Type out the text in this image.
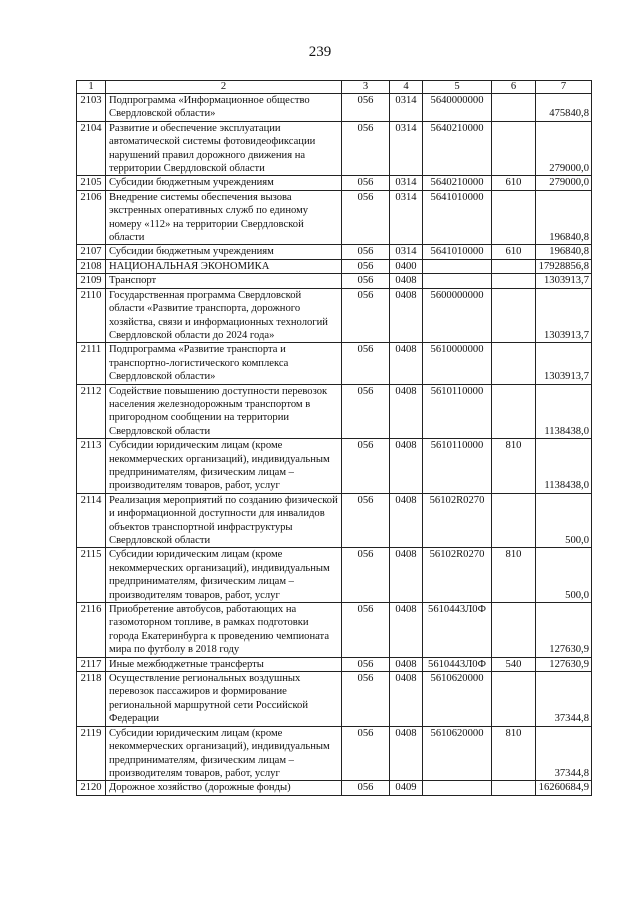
239
1	2	3	4	5	6	7
2103	Подпрограмма «Информационное общество Свердловской области»	056	0314	5640000000		475840,8
2104	Развитие и обеспечение эксплуатации автоматической системы фотовидеофиксации нарушений правил дорожного движения на территории Свердловской области	056	0314	5640210000		279000,0
2105	Субсидии бюджетным учреждениям	056	0314	5640210000	610	279000,0
2106	Внедрение системы обеспечения вызова экстренных оперативных служб по единому номеру «112» на территории Свердловской области	056	0314	5641010000		196840,8
2107	Субсидии бюджетным учреждениям	056	0314	5641010000	610	196840,8
2108	НАЦИОНАЛЬНАЯ ЭКОНОМИКА	056	0400			17928856,8
2109	Транспорт	056	0408			1303913,7
2110	Государственная программа Свердловской области «Развитие транспорта, дорожного хозяйства, связи и информационных технологий Свердловской области до 2024 года»	056	0408	5600000000		1303913,7
2111	Подпрограмма «Развитие транспорта и транспортно-логистического комплекса Свердловской области»	056	0408	5610000000		1303913,7
2112	Содействие повышению доступности перевозок населения железнодорожным транспортом в пригородном сообщении на территории Свердловской области	056	0408	5610110000		1138438,0
2113	Субсидии юридическим лицам (кроме некоммерческих организаций), индивидуальным предпринимателям, физическим лицам – производителям товаров, работ, услуг	056	0408	5610110000	810	1138438,0
2114	Реализация мероприятий по созданию физической и информационной доступности для инвалидов объектов транспортной инфраструктуры Свердловской области	056	0408	56102R0270		500,0
2115	Субсидии юридическим лицам (кроме некоммерческих организаций), индивидуальным предпринимателям, физическим лицам – производителям товаров, работ, услуг	056	0408	56102R0270	810	500,0
2116	Приобретение автобусов, работающих на газомоторном топливе, в рамках подготовки города Екатеринбурга к проведению чемпионата мира по футболу в 2018 году	056	0408	5610443Л0Ф		127630,9
2117	Иные межбюджетные трансферты	056	0408	5610443Л0Ф	540	127630,9
2118	Осуществление региональных воздушных перевозок пассажиров и формирование региональной маршрутной сети Российской Федерации	056	0408	5610620000		37344,8
2119	Субсидии юридическим лицам (кроме некоммерческих организаций), индивидуальным предпринимателям, физическим лицам – производителям товаров, работ, услуг	056	0408	5610620000	810	37344,8
2120	Дорожное хозяйство (дорожные фонды)	056	0409			16260684,9
